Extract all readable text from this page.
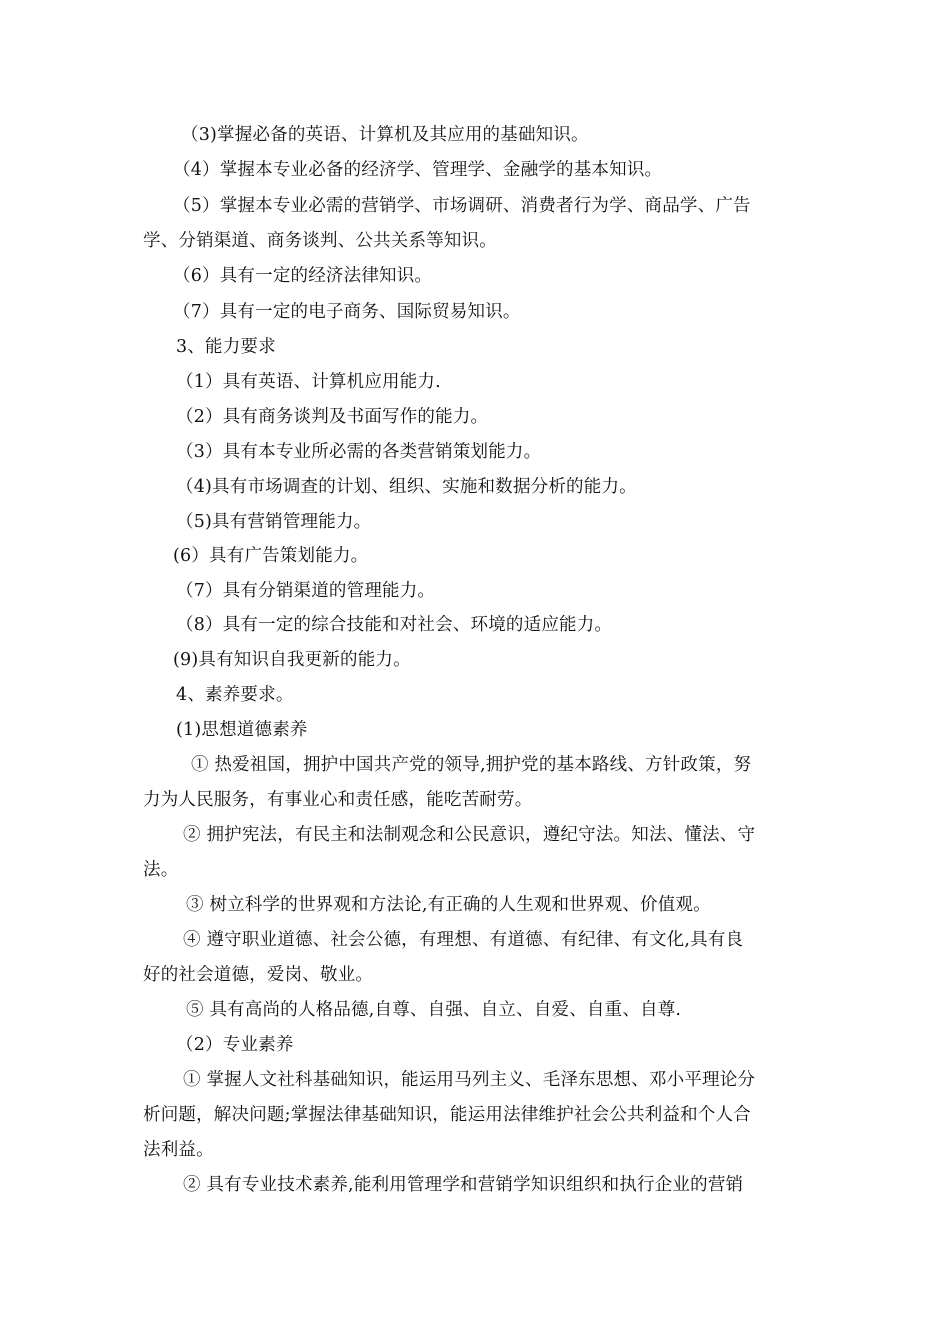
（3)掌握必备的英语、计算机及其应用的基础知识。
（4）掌握本专业必备的经济学、管理学、金融学的基本知识。
（5）掌握本专业必需的营销学、市场调研、消费者行为学、商品学、广告
学、分销渠道、商务谈判、公共关系等知识。
（6）具有一定的经济法律知识。
（7）具有一定的电子商务、国际贸易知识。
3、能力要求
（1）具有英语、计算机应用能力.
（2）具有商务谈判及书面写作的能力。
（3）具有本专业所必需的各类营销策划能力。
（4)具有市场调查的计划、组织、实施和数据分析的能力。
（5)具有营销管理能力。
(6）具有广告策划能力。
（7）具有分销渠道的管理能力。
（8）具有一定的综合技能和对社会、环境的适应能力。
(9)具有知识自我更新的能力。
4、素养要求。
(1)思想道德素养
① 热爱祖国，拥护中国共产党的领导,拥护党的基本路线、方针政策，努
力为人民服务，有事业心和责任感，能吃苦耐劳。
② 拥护宪法，有民主和法制观念和公民意识，遵纪守法。知法、懂法、守
法。
③ 树立科学的世界观和方法论,有正确的人生观和世界观、价值观。
④ 遵守职业道德、社会公德，有理想、有道德、有纪律、有文化,具有良
好的社会道德，爱岗、敬业。
⑤ 具有高尚的人格品德,自尊、自强、自立、自爱、自重、自尊.
（2）专业素养
① 掌握人文社科基础知识，能运用马列主义、毛泽东思想、邓小平理论分
析问题，解决问题;掌握法律基础知识，能运用法律维护社会公共利益和个人合
法利益。
② 具有专业技术素养,能利用管理学和营销学知识组织和执行企业的营销
